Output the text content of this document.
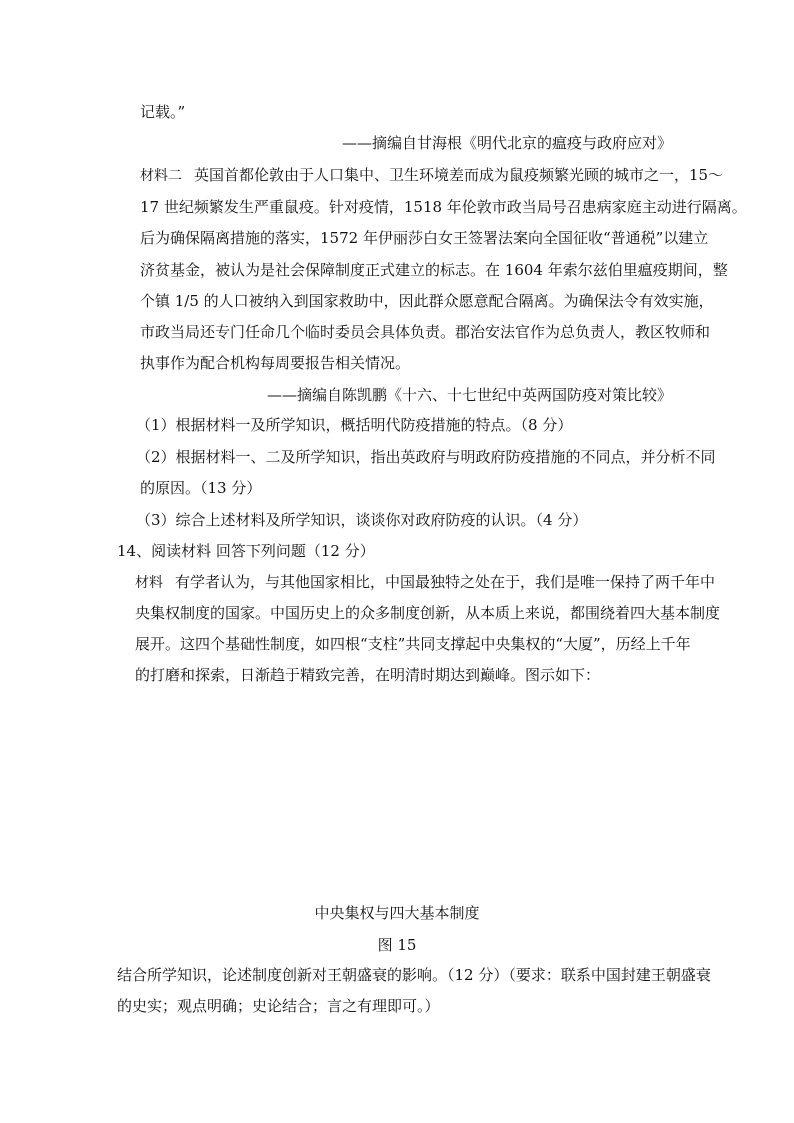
记载。”
——摘编自甘海根《明代北京的瘟疫与政府应对》
材料二 英国首都伦敦由于人口集中、卫生环境差而成为鼠疫频繁光顾的城市之一，15～
17 世纪频繁发生严重鼠疫。针对疫情，1518 年伦敦市政当局号召患病家庭主动进行隔离。
后为确保隔离措施的落实，1572 年伊丽莎白女王签署法案向全国征收“普通税”以建立
济贫基金，被认为是社会保障制度正式建立的标志。在 1604 年索尔兹伯里瘟疫期间，整
个镇 1/5 的人口被纳入到国家救助中，因此群众愿意配合隔离。为确保法令有效实施，
市政当局还专门任命几个临时委员会具体负责。郡治安法官作为总负责人，教区牧师和
执事作为配合机构每周要报告相关情况。
——摘编自陈凯鹏《十六、十七世纪中英两国防疫对策比较》
（1）根据材料一及所学知识，概括明代防疫措施的特点。（8 分）
（2）根据材料一、二及所学知识，指出英政府与明政府防疫措施的不同点，并分析不同
的原因。（13 分）
（3）综合上述材料及所学知识，谈谈你对政府防疫的认识。（4 分）
14、阅读材料 回答下列问题（12 分）
材料 有学者认为，与其他国家相比，中国最独特之处在于，我们是唯一保持了两千年中
央集权制度的国家。中国历史上的众多制度创新，从本质上来说，都围绕着四大基本制度
展开。这四个基础性制度，如四根“支柱”共同支撑起中央集权的“大厦”，历经上千年
的打磨和探索，日渐趋于精致完善，在明清时期达到巅峰。图示如下：
中央集权与四大基本制度
图 15
结合所学知识，论述制度创新对王朝盛衰的影响。（12 分）（要求：联系中国封建王朝盛衰
的史实；观点明确；史论结合；言之有理即可。）
